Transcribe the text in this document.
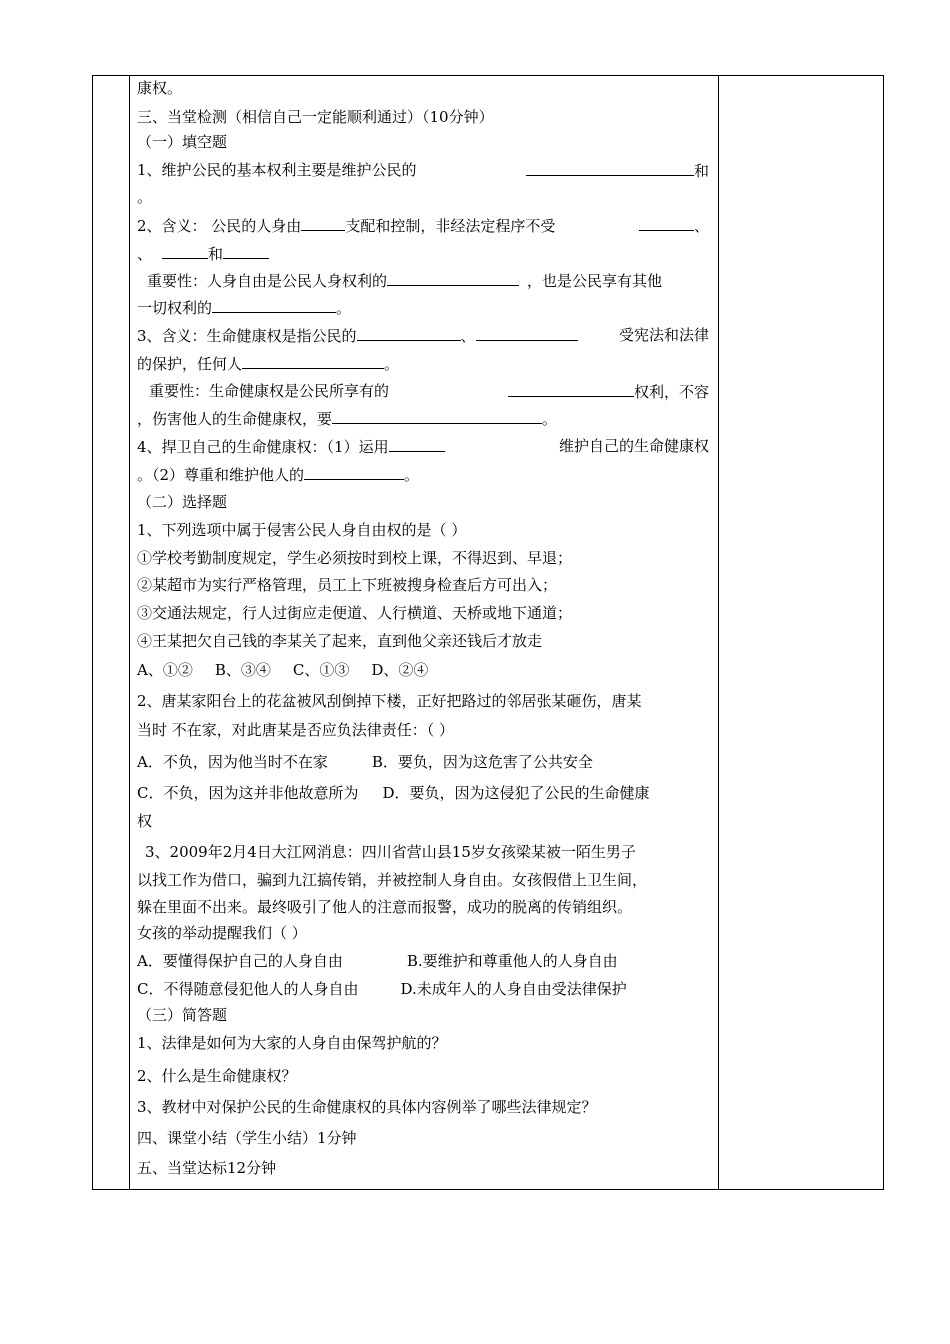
康权。
三、当堂检测（相信自己一定能顺利通过）（10分钟）
（一）填空题
1、维护公民的基本权利主要是维护公民的	和
。
2、含义： 公民的人身由	支配和控制，非经法定程序不受	、
、	和
重要性：人身自由是公民人身权利的	，也是公民享有其他
一切权利的	。
3、含义：生命健康权是指公民的	、	受宪法和法律
的保护，任何人	。
重要性：生命健康权是公民所享有的	权利，不容
，伤害他人的生命健康权，要	。
4、捍卫自己的生命健康权：（1）运用	维护自己的生命健康权
。（2）尊重和维护他人的	。
（二）选择题
1、下列选项中属于侵害公民人身自由权的是（ ）
①学校考勤制度规定，学生必须按时到校上课，不得迟到、早退；
②某超市为实行严格管理，员工上下班被搜身检查后方可出入；
③交通法规定，行人过街应走便道、人行横道、天桥或地下通道；
④王某把欠自己钱的李某关了起来，直到他父亲还钱后才放走
A、①② B、③④ C、①③ D、②④
2、唐某家阳台上的花盆被风刮倒掉下楼，正好把路过的邻居张某砸伤，唐某
当时 不在家，对此唐某是否应负法律责任：（ ）
A．不负，因为他当时不在家	B．要负，因为这危害了公共安全
C．不负，因为这并非他故意所为 D．要负，因为这侵犯了公民的生命健康
权
3、2009年2月4日大江网消息：四川省营山县15岁女孩梁某被一陌生男子
以找工作为借口，骗到九江搞传销，并被控制人身自由。女孩假借上卫生间，
躲在里面不出来。最终吸引了他人的注意而报警，成功的脱离的传销组织。
女孩的举动提醒我们（ ）
A．要懂得保护自己的人身自由	B.要维护和尊重他人的人身自由
C．不得随意侵犯他人的人身自由	D.未成年人的人身自由受法律保护
（三）简答题
1、法律是如何为大家的人身自由保驾护航的？
2、什么是生命健康权？
3、教材中对保护公民的生命健康权的具体内容例举了哪些法律规定？
四、课堂小结（学生小结）1分钟
五、当堂达标12分钟
